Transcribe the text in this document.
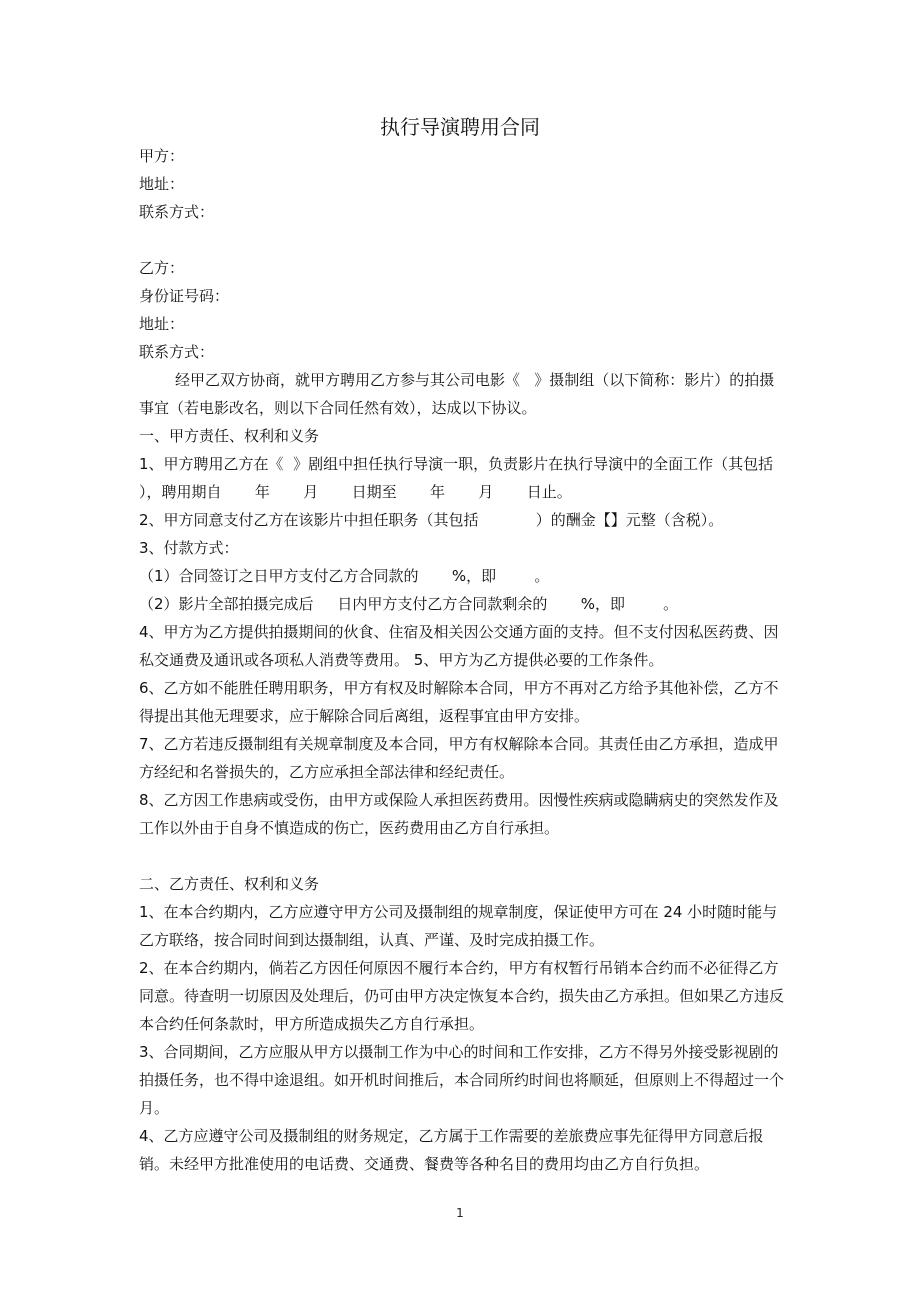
执行导演聘用合同

甲方：

地址：

联系方式：

乙方：

身份证号码：

地址：

联系方式：

经甲乙双方协商，就甲方聘用乙方参与其公司电影《   》摄制组（以下简称：影片）的拍摄事宜（若电影改名，则以下合同任然有效），达成以下协议。

一、甲方责任、权利和义务

1、甲方聘用乙方在《  》剧组中担任执行导演一职，负责影片在执行导演中的全面工作（其包括            ），聘用期自       年       月       日期至       年       月       日止。

2、甲方同意支付乙方在该影片中担任职务（其包括            ）的酬金【】元整（含税）。

3、付款方式：

（1）合同签订之日甲方支付乙方合同款的       %，即        。

（2）影片全部拍摄完成后     日内甲方支付乙方合同款剩余的       %，即        。

4、甲方为乙方提供拍摄期间的伙食、住宿及相关因公交通方面的支持。但不支付因私医药费、因私交通费及通讯或各项私人消费等费用。 5、甲方为乙方提供必要的工作条件。

6、乙方如不能胜任聘用职务，甲方有权及时解除本合同，甲方不再对乙方给予其他补偿，乙方不得提出其他无理要求，应于解除合同后离组，返程事宜由甲方安排。

7、乙方若违反摄制组有关规章制度及本合同，甲方有权解除本合同。其责任由乙方承担，造成甲方经纪和名誉损失的，乙方应承担全部法律和经纪责任。

8、乙方因工作患病或受伤，由甲方或保险人承担医药费用。因慢性疾病或隐瞒病史的突然发作及工作以外由于自身不慎造成的伤亡，医药费用由乙方自行承担。

二、乙方责任、权利和义务

1、在本合约期内，乙方应遵守甲方公司及摄制组的规章制度，保证使甲方可在 24 小时随时能与乙方联络，按合同时间到达摄制组，认真、严谨、及时完成拍摄工作。

2、在本合约期内，倘若乙方因任何原因不履行本合约，甲方有权暂行吊销本合约而不必征得乙方同意。待查明一切原因及处理后，仍可由甲方决定恢复本合约，损失由乙方承担。但如果乙方违反本合约任何条款时，甲方所造成损失乙方自行承担。

3、合同期间，乙方应服从甲方以摄制工作为中心的时间和工作安排，乙方不得另外接受影视剧的拍摄任务，也不得中途退组。如开机时间推后，本合同所约时间也将顺延，但原则上不得超过一个月。

4、乙方应遵守公司及摄制组的财务规定，乙方属于工作需要的差旅费应事先征得甲方同意后报销。未经甲方批准使用的电话费、交通费、餐费等各种名目的费用均由乙方自行负担。

1
